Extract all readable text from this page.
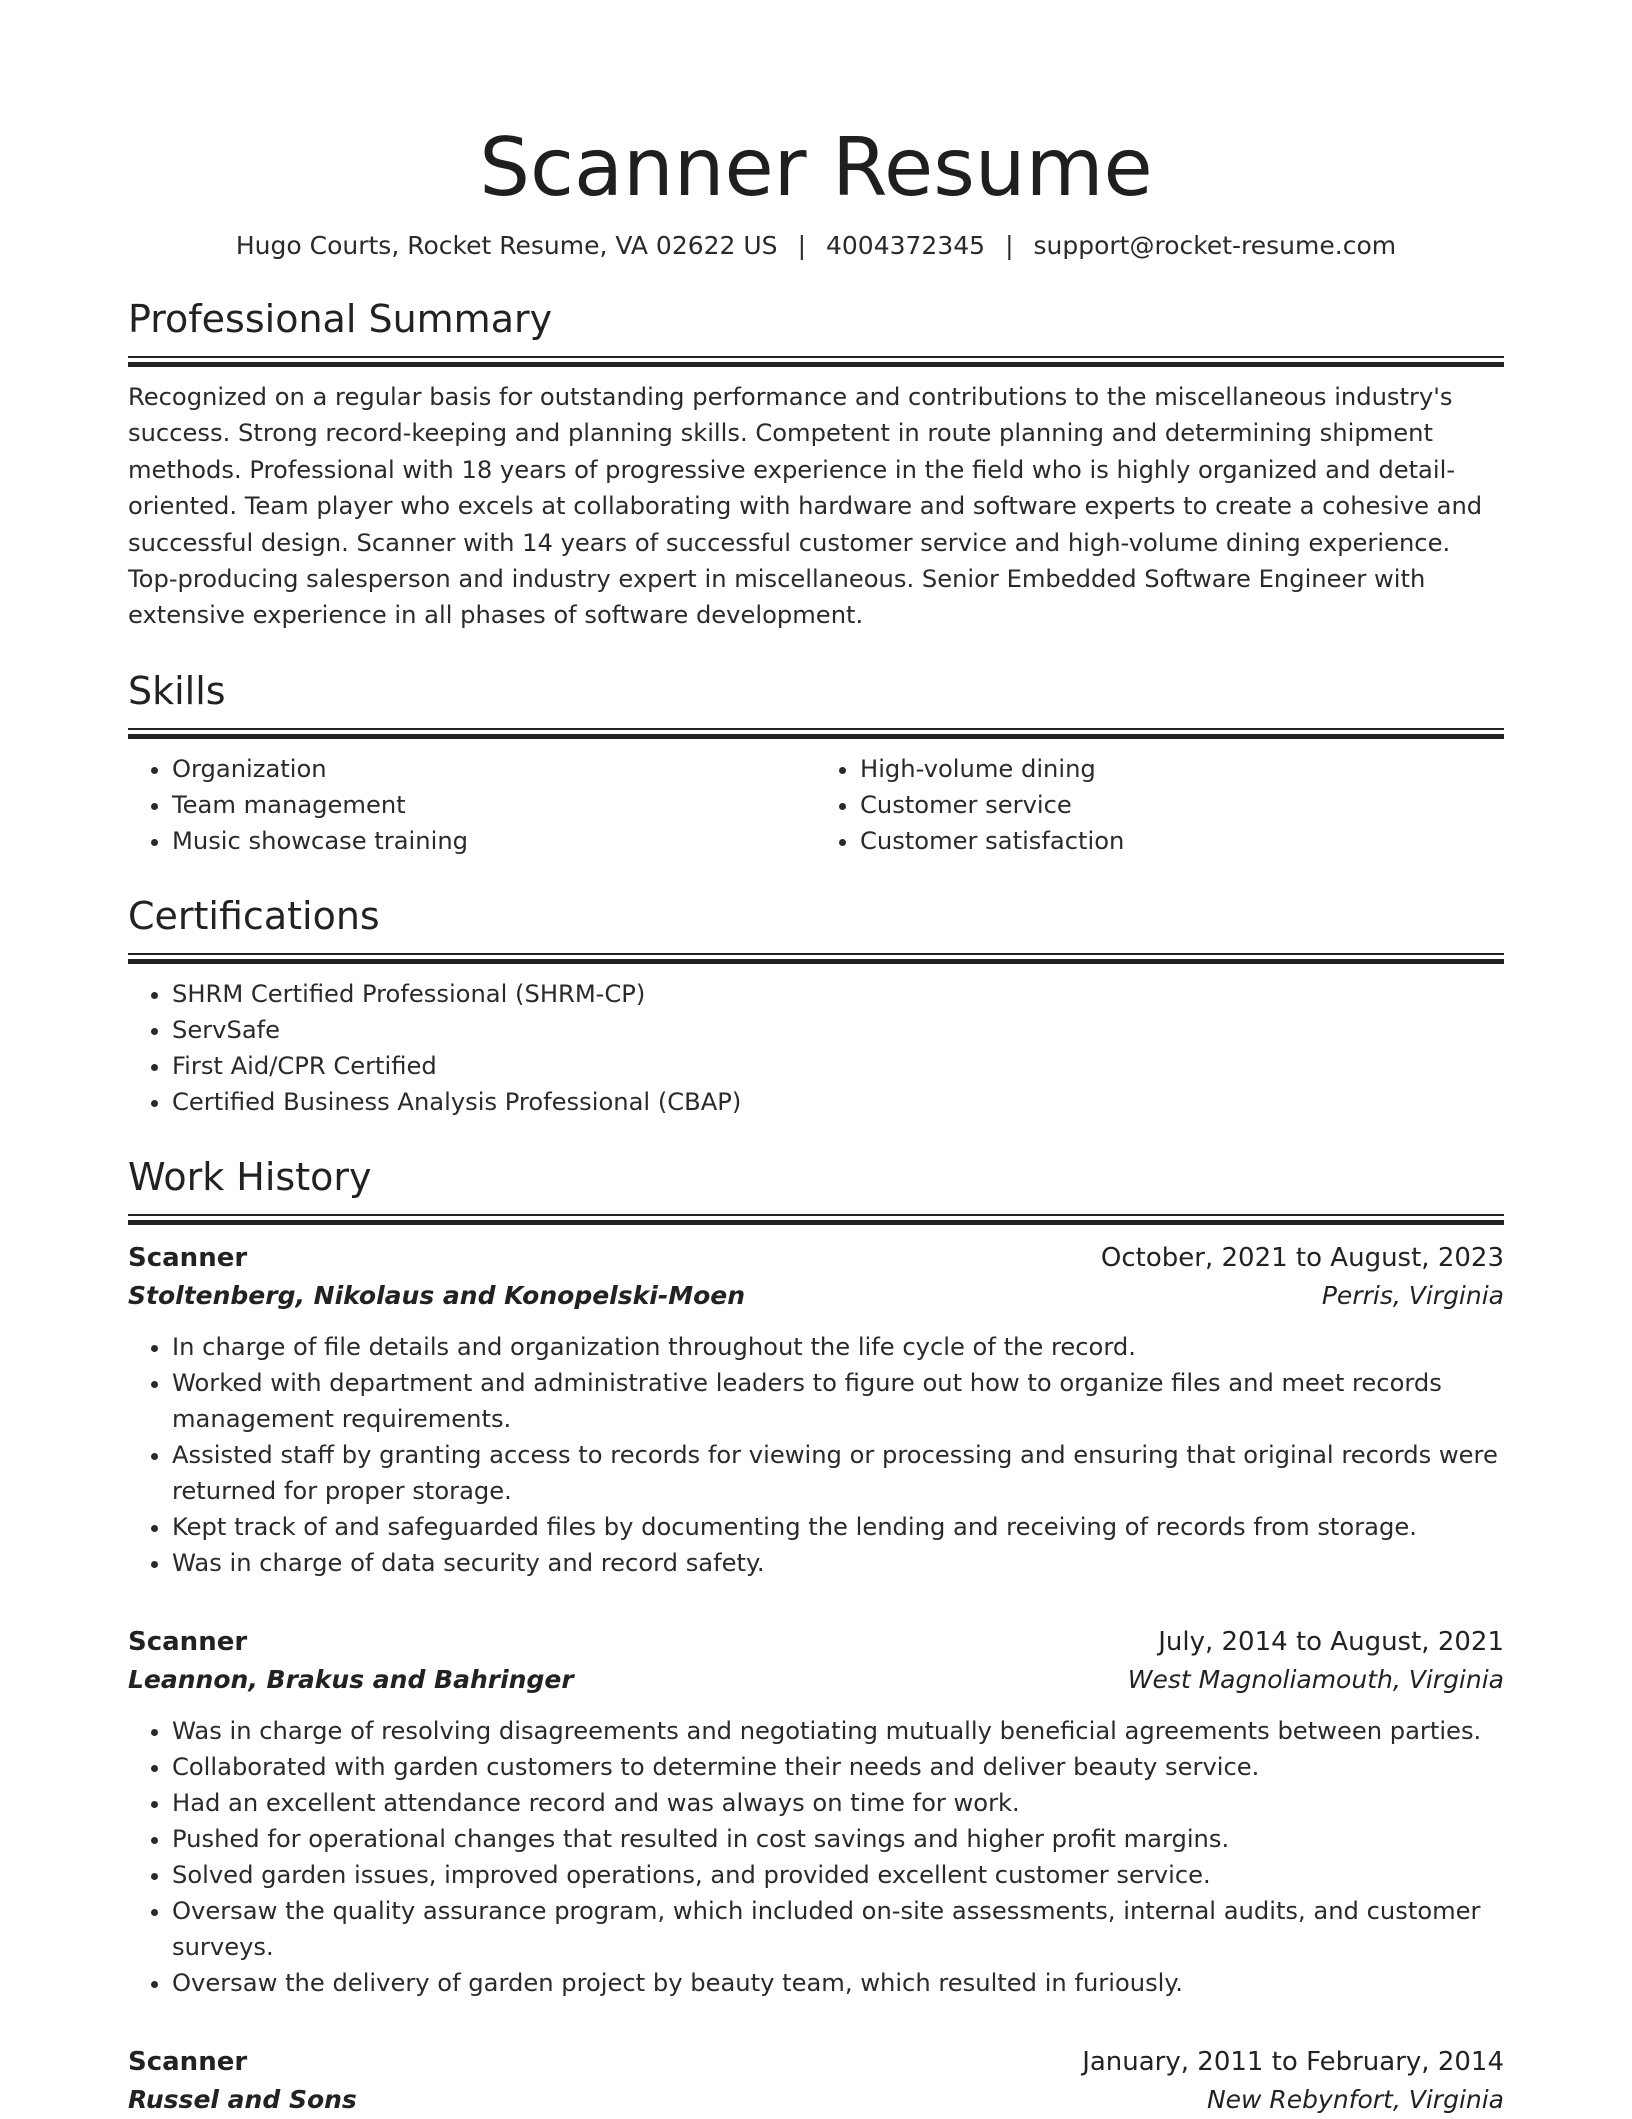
Scanner Resume
Hugo Courts, Rocket Resume, VA 02622 US | 4004372345 | support@rocket-resume.com
Professional Summary
Recognized on a regular basis for outstanding performance and contributions to the miscellaneous industry's success. Strong record-keeping and planning skills. Competent in route planning and determining shipment methods. Professional with 18 years of progressive experience in the field who is highly organized and detail-oriented. Team player who excels at collaborating with hardware and software experts to create a cohesive and successful design. Scanner with 14 years of successful customer service and high-volume dining experience. Top-producing salesperson and industry expert in miscellaneous. Senior Embedded Software Engineer with extensive experience in all phases of software development.
Skills
• Organization
• Team management
• Music showcase training
• High-volume dining
• Customer service
• Customer satisfaction
Certifications
• SHRM Certified Professional (SHRM-CP)
• ServSafe
• First Aid/CPR Certified
• Certified Business Analysis Professional (CBAP)
Work History
Scanner	October, 2021 to August, 2023
Stoltenberg, Nikolaus and Konopelski-Moen	Perris, Virginia
• In charge of file details and organization throughout the life cycle of the record.
• Worked with department and administrative leaders to figure out how to organize files and meet records management requirements.
• Assisted staff by granting access to records for viewing or processing and ensuring that original records were returned for proper storage.
• Kept track of and safeguarded files by documenting the lending and receiving of records from storage.
• Was in charge of data security and record safety.
Scanner	July, 2014 to August, 2021
Leannon, Brakus and Bahringer	West Magnoliamouth, Virginia
• Was in charge of resolving disagreements and negotiating mutually beneficial agreements between parties.
• Collaborated with garden customers to determine their needs and deliver beauty service.
• Had an excellent attendance record and was always on time for work.
• Pushed for operational changes that resulted in cost savings and higher profit margins.
• Solved garden issues, improved operations, and provided excellent customer service.
• Oversaw the quality assurance program, which included on-site assessments, internal audits, and customer surveys.
• Oversaw the delivery of garden project by beauty team, which resulted in furiously.
Scanner	January, 2011 to February, 2014
Russel and Sons	New Rebynfort, Virginia
